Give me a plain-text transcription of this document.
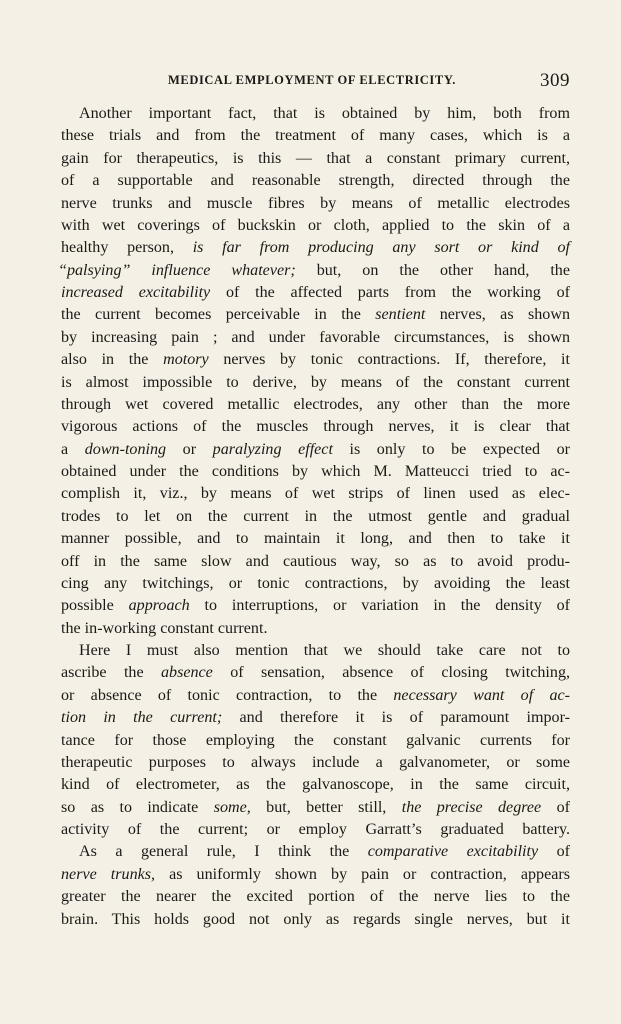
MEDICAL EMPLOYMENT OF ELECTRICITY.	309
Another important fact, that is obtained by him, both from
these trials and from the treatment of many cases, which is a
gain for therapeutics, is this — that a constant primary current,
of a supportable and reasonable strength, directed through the
nerve trunks and muscle fibres by means of metallic electrodes
with wet coverings of buckskin or cloth, applied to the skin of a
healthy person, is far from producing any sort or kind of
“palsying” influence whatever; but, on the other hand, the
increased excitability of the affected parts from the working of
the current becomes perceivable in the sentient nerves, as shown
by increasing pain ; and under favorable circumstances, is shown
also in the motory nerves by tonic contractions. If, therefore, it
is almost impossible to derive, by means of the constant current
through wet covered metallic electrodes, any other than the more
vigorous actions of the muscles through nerves, it is clear that
a down-toning or paralyzing effect is only to be expected or
obtained under the conditions by which M. Matteucci tried to ac-
complish it, viz., by means of wet strips of linen used as elec-
trodes to let on the current in the utmost gentle and gradual
manner possible, and to maintain it long, and then to take it
off in the same slow and cautious way, so as to avoid produ-
cing any twitchings, or tonic contractions, by avoiding the least
possible approach to interruptions, or variation in the density of
the in-working constant current.
Here I must also mention that we should take care not to
ascribe the absence of sensation, absence of closing twitching,
or absence of tonic contraction, to the necessary want of ac-
tion in the current; and therefore it is of paramount impor-
tance for those employing the constant galvanic currents for
therapeutic purposes to always include a galvanometer, or some
kind of electrometer, as the galvanoscope, in the same circuit,
so as to indicate some, but, better still, the precise degree of
activity of the current; or employ Garratt’s graduated battery.
As a general rule, I think the comparative excitability of
nerve trunks, as uniformly shown by pain or contraction, appears
greater the nearer the excited portion of the nerve lies to the
brain. This holds good not only as regards single nerves, but it
